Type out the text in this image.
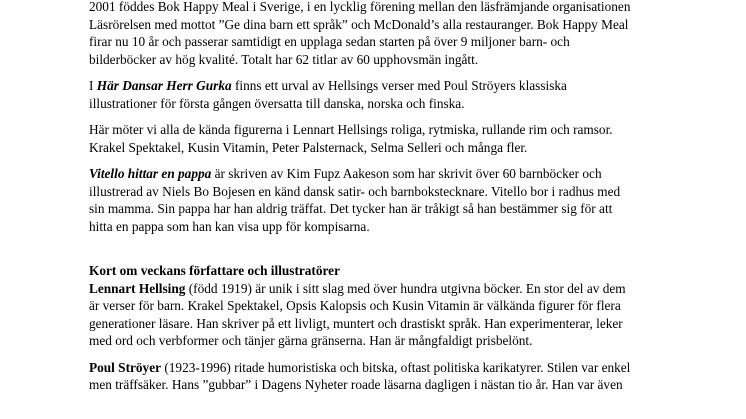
2001 föddes Bok Happy Meal i Sverige, i en lycklig förening mellan den läsfrämjande organisationen
Läsrörelsen med mottot ”Ge dina barn ett språk” och McDonald’s alla restauranger. Bok Happy Meal
firar nu 10 år och passerar samtidigt en upplaga sedan starten på över 9 miljoner barn- och
bilderböcker av hög kvalité. Totalt har 62 titlar av 60 upphovsmän ingått.
I Här Dansar Herr Gurka finns ett urval av Hellsings verser med Poul Ströyers klassiska
illustrationer för första gången översatta till danska, norska och finska.
Här möter vi alla de kända figurerna i Lennart Hellsings roliga, rytmiska, rullande rim och ramsor.
Krakel Spektakel, Kusin Vitamin, Peter Palsternack, Selma Selleri och många fler.
Vitello hittar en pappa är skriven av Kim Fupz Aakeson som har skrivit över 60 barnböcker och
illustrerad av Niels Bo Bojesen en känd dansk satir- och barnbokstecknare. Vitello bor i radhus med
sin mamma. Sin pappa har han aldrig träffat. Det tycker han är tråkigt så han bestämmer sig för att
hitta en pappa som han kan visa upp för kompisarna.
Kort om veckans författare och illustratörer
Lennart Hellsing (född 1919) är unik i sitt slag med över hundra utgivna böcker. En stor del av dem
är verser för barn. Krakel Spektakel, Opsis Kalopsis och Kusin Vitamin är välkända figurer för flera
generationer läsare. Han skriver på ett livligt, muntert och drastiskt språk. Han experimenterar, leker
med ord och verbformer och tänjer gärna gränserna. Han är mångfaldigt prisbelönt.
Poul Ströyer (1923-1996) ritade humoristiska och bitska, oftast politiska karikatyrer. Stilen var enkel
men träffsäker. Hans ”gubbar” i Dagens Nyheter roade läsarna dagligen i nästan tio år. Han var även
